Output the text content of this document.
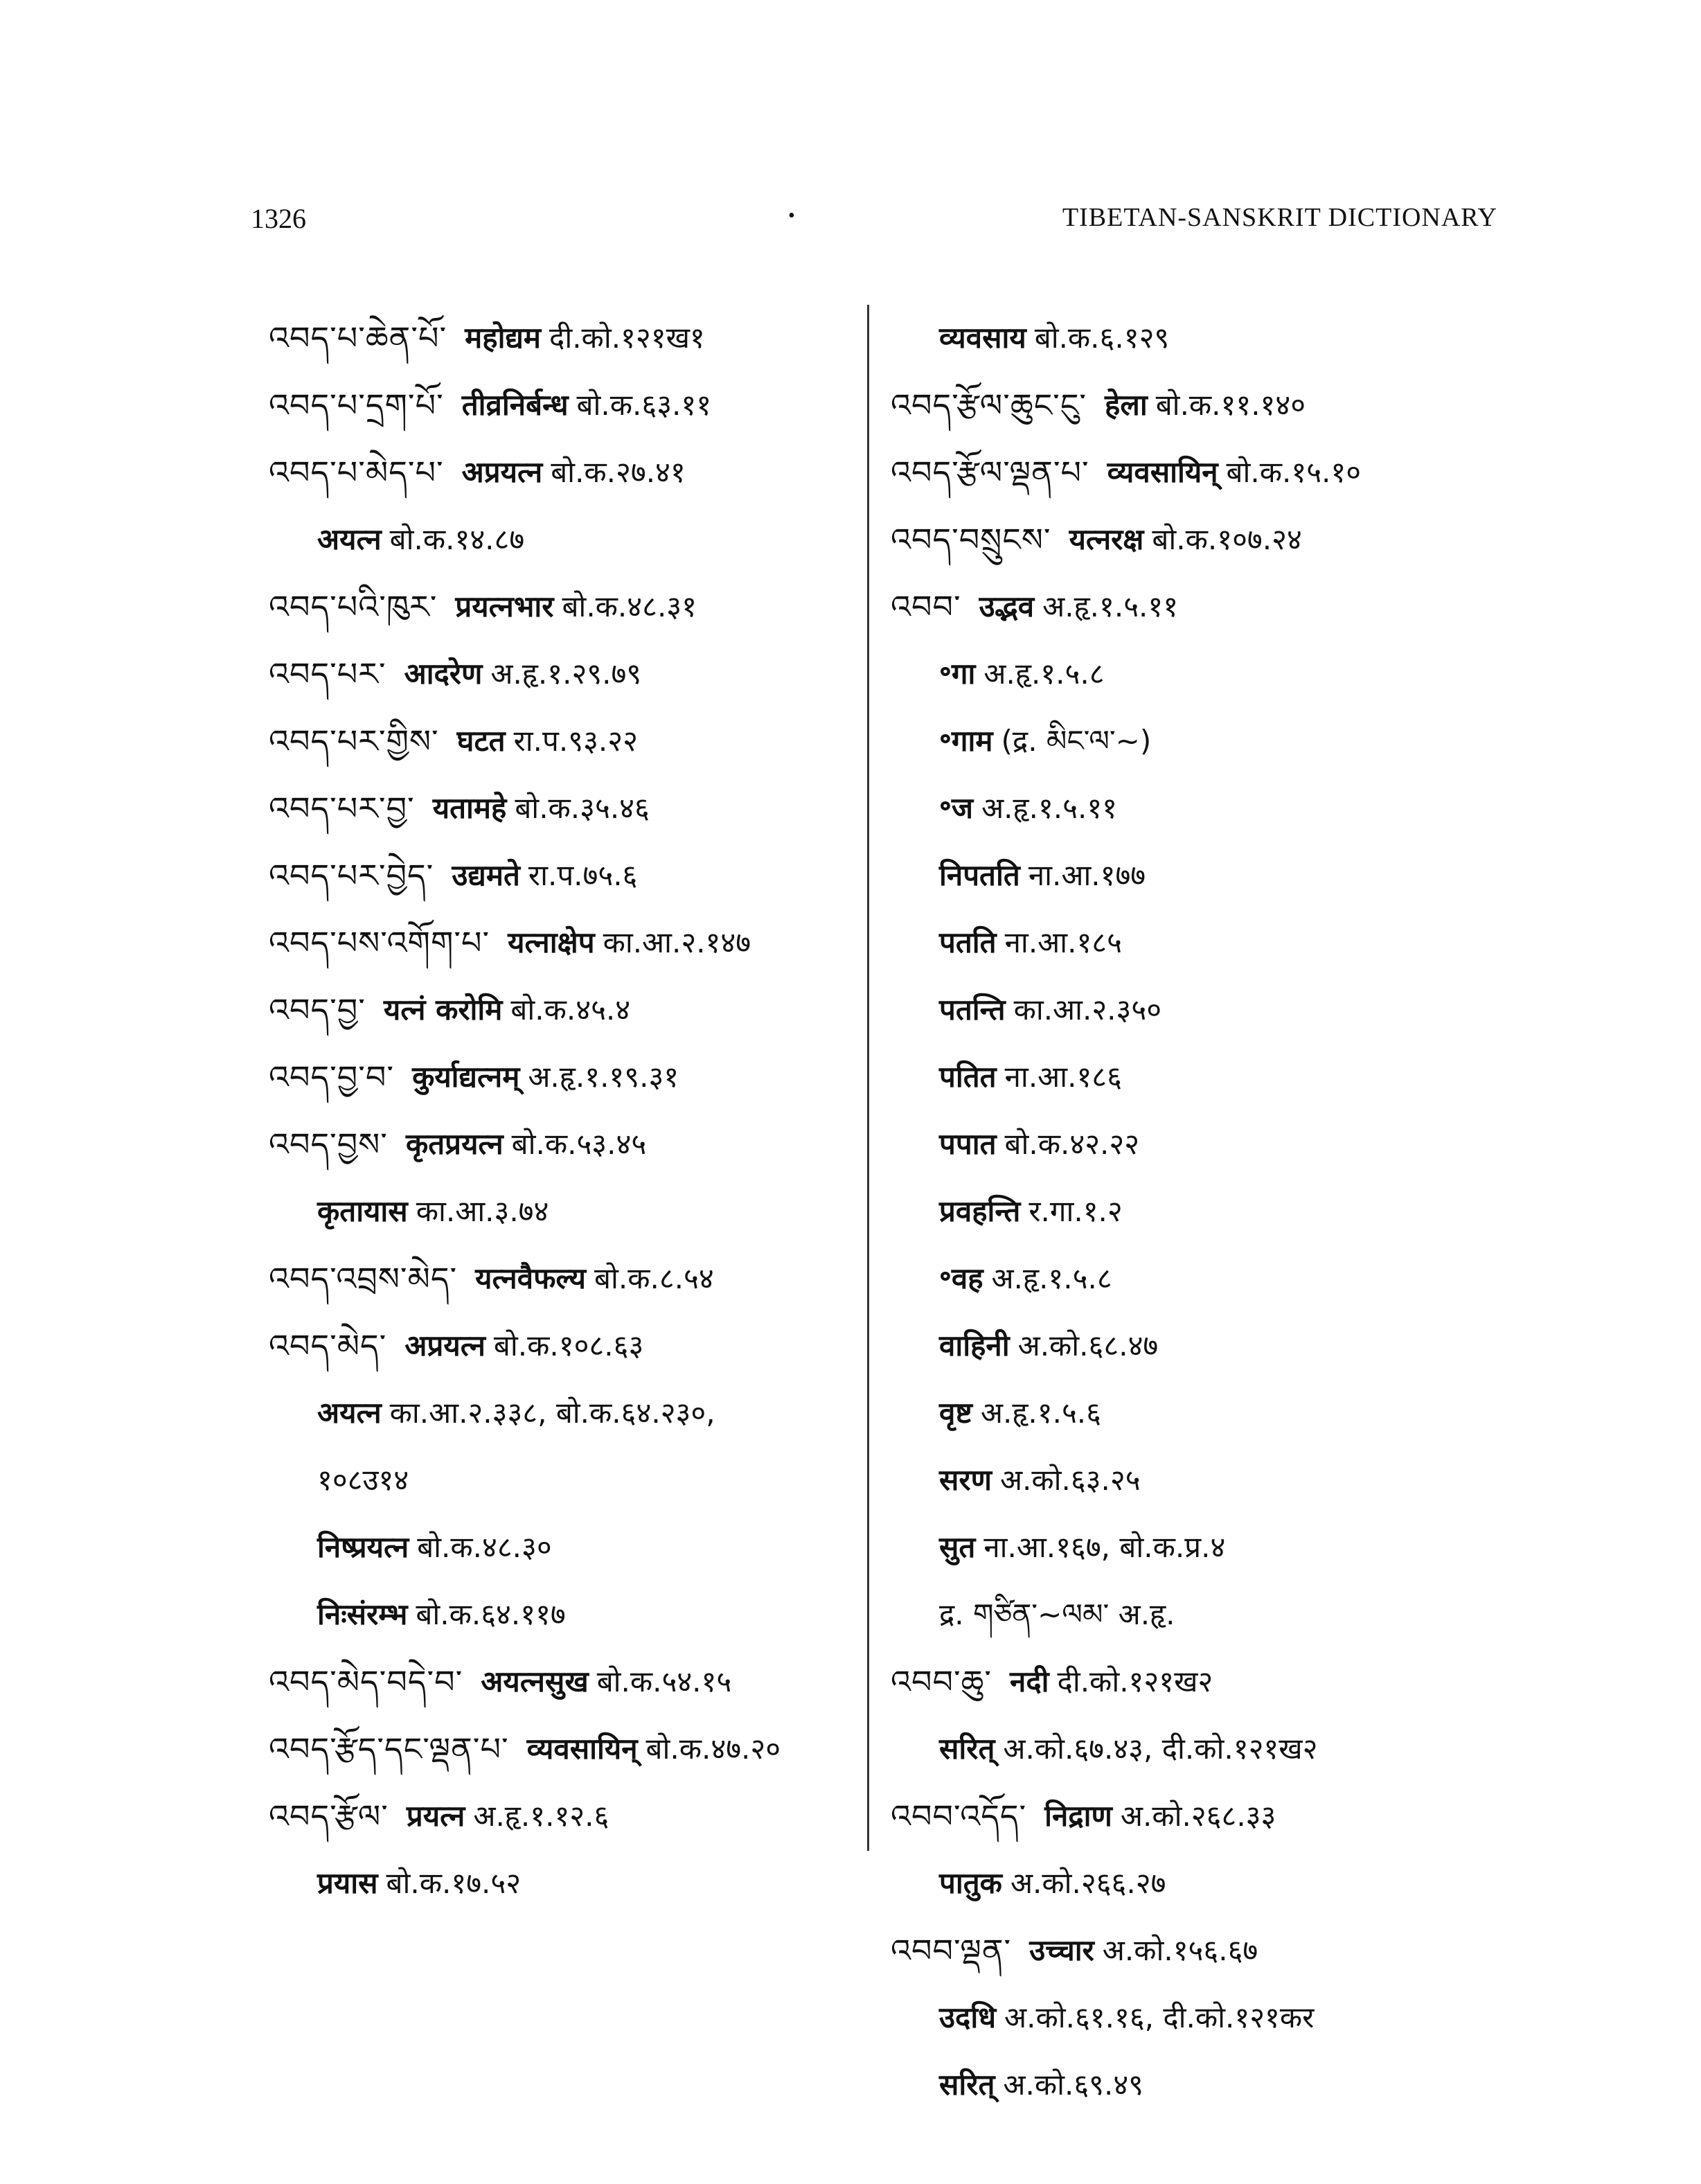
1326	•	TIBETAN-SANSKRIT DICTIONARY
འབད་པ་ཆེན་པོ་ महोद्यम दी.को.१२१ख१
འབད་པ་དྲག་པོ་ तीव्रनिर्बन्ध बो.क.६३.११
འབད་པ་མེད་པ་ अप्रयत्न बो.क.२७.४१
अयत्न बो.क.१४.८७
འབད་པའི་ཁུར་ प्रयत्नभार बो.क.४८.३१
འབད་པར་ आदरेण अ.हृ.१.२९.७९
འབད་པར་གྱིས་ घटत रा.प.९३.२२
འབད་པར་བྱ་ यतामहे बो.क.३५.४६
འབད་པར་བྱེད་ उद्यमते रा.प.७५.६
འབད་པས་འགོག་པ་ यत्नाक्षेप का.आ.२.१४७
འབད་བྱ་ यत्नं करोमि बो.क.४५.४
འབད་བྱ་བ་ कुर्याद्यत्नम् अ.हृ.१.१९.३१
འབད་བྱས་ कृतप्रयत्न बो.क.५३.४५
कृतायास का.आ.३.७४
འབད་འབྲས་མེད་ यत्नवैफल्य बो.क.८.५४
འབད་མེད་ अप्रयत्न बो.क.१०८.६३
अयत्न का.आ.२.३३८, बो.क.६४.२३०,
१०८उ१४
निष्प्रयत्न बो.क.४८.३०
निःसंरम्भ बो.क.६४.११७
འབད་མེད་བདེ་བ་ अयत्नसुख बो.क.५४.१५
འབད་རྩོད་དང་ལྡན་པ་ व्यवसायिन् बो.क.४७.२०
འབད་རྩོལ་ प्रयत्न अ.हृ.१.१२.६
प्रयास बो.क.१७.५२
व्यवसाय बो.क.६.१२९
འབད་རྩོལ་ཆུང་ངུ་ हेला बो.क.११.१४०
འབད་རྩོལ་ལྡན་པ་ व्यवसायिन् बो.क.१५.१०
འབད་བསྲུངས་ यत्नरक्ष बो.क.१०७.२४
འབབ་ उद्भव अ.हृ.१.५.११
॰गा अ.हृ.१.५.८
॰गाम (द्र. མིང་ལ་~)
॰ज अ.हृ.१.५.११
निपतति ना.आ.१७७
पतति ना.आ.१८५
पतन्ति का.आ.२.३५०
पतित ना.आ.१८६
पपात बो.क.४२.२२
प्रवहन्ति र.गा.१.२
॰वह अ.हृ.१.५.८
वाहिनी अ.को.६८.४७
वृष्ट अ.हृ.१.५.६
सरण अ.को.६३.२५
सुत ना.आ.१६७, बो.क.प्र.४
द्र. གཙིན་~ལམ་ अ.हृ.
འབབ་ཆུ་ नदी दी.को.१२१ख२
सरित् अ.को.६७.४३, दी.को.१२१ख२
འབབ་འདོད་ निद्राण अ.को.२६८.३३
पातुक अ.को.२६६.२७
འབབ་ལྡན་ उच्चार अ.को.१५६.६७
उदधि अ.को.६१.१६, दी.को.१२१कर
सरित् अ.को.६९.४९
